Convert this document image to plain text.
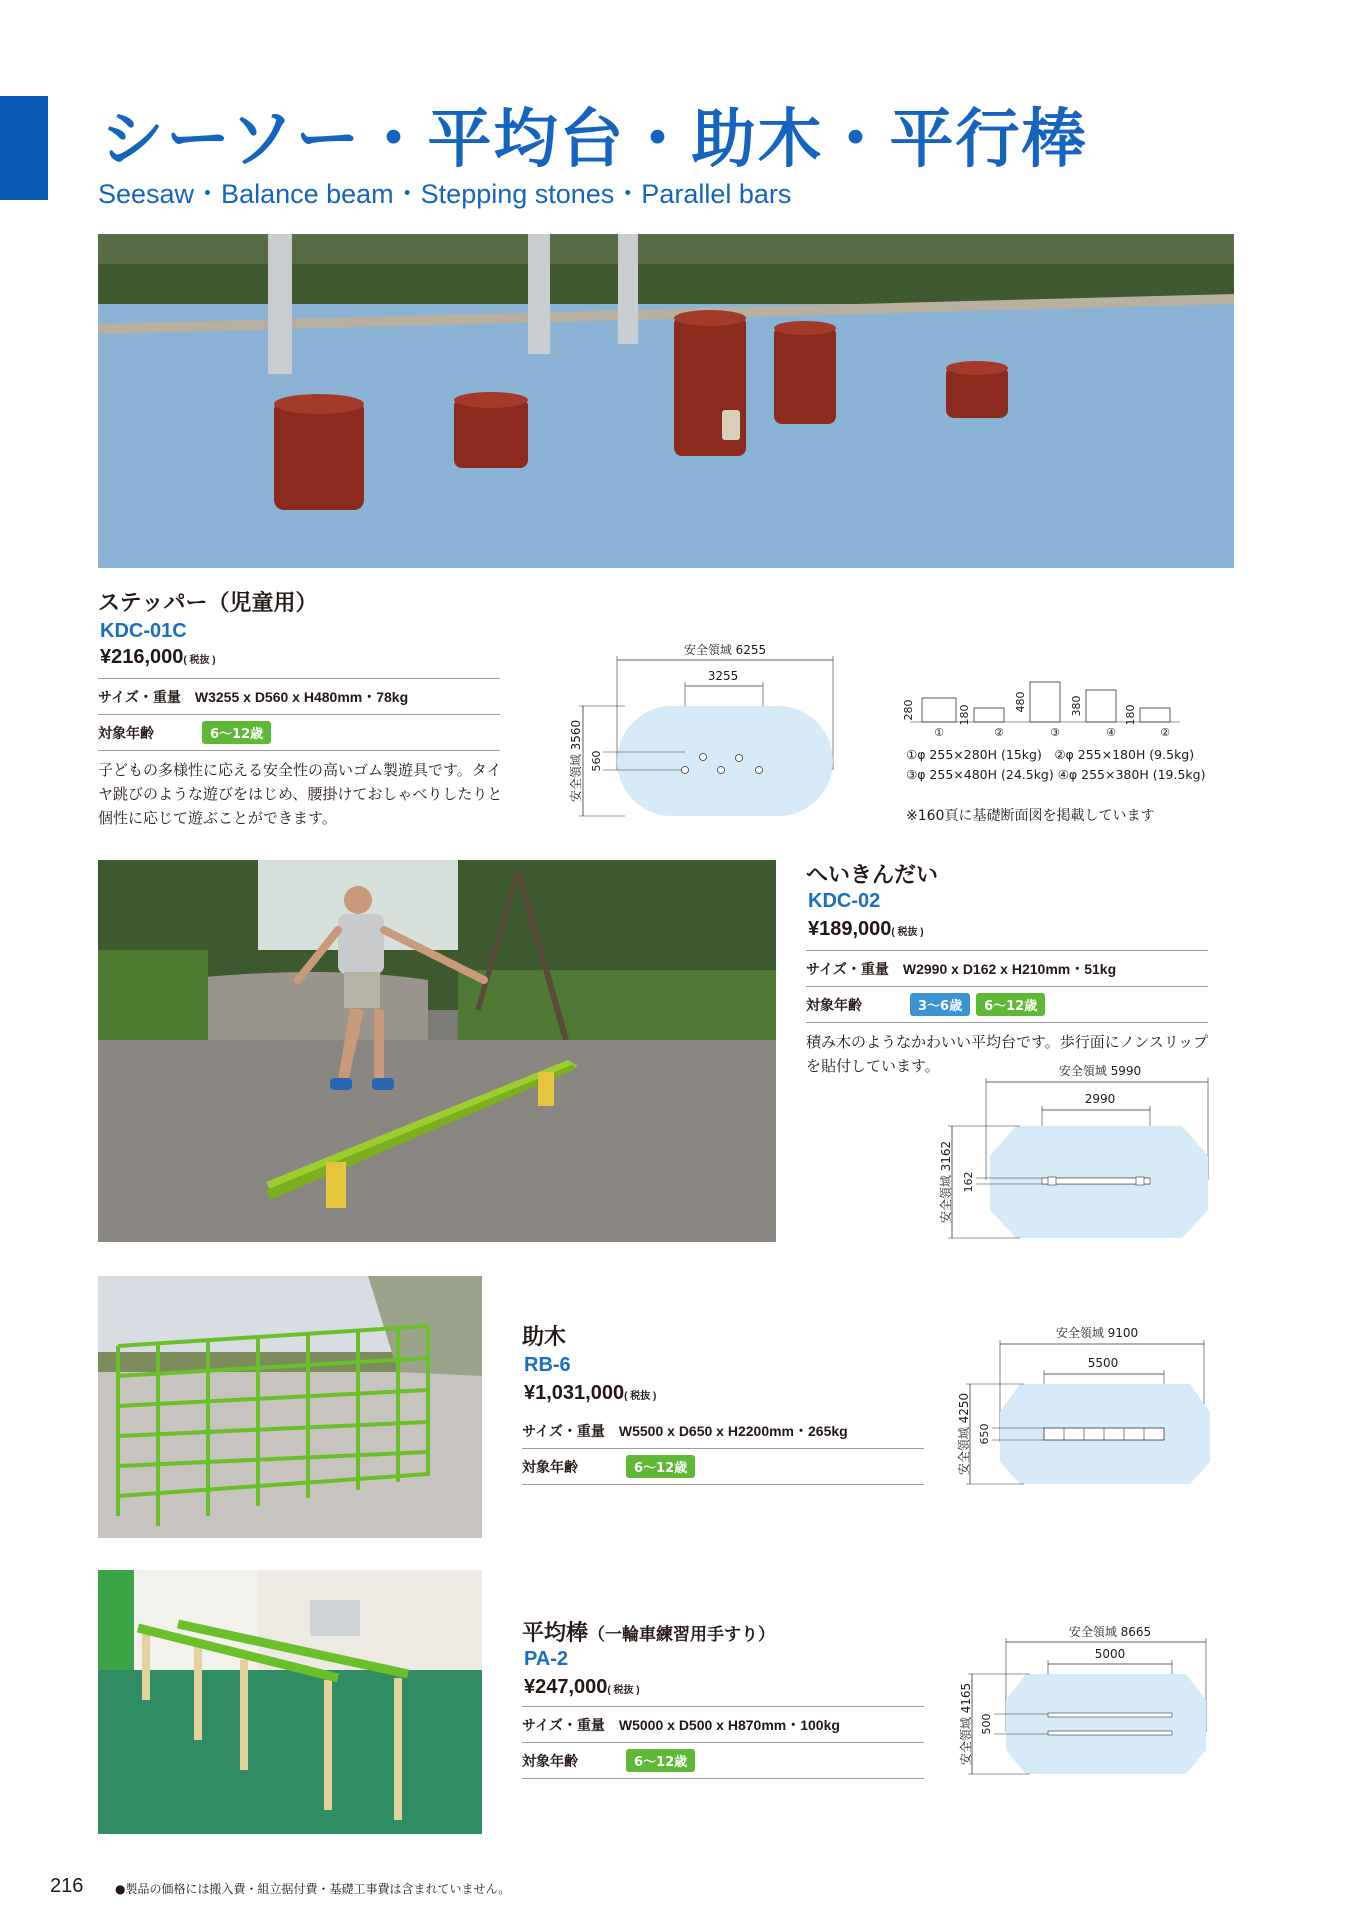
シーソー・平均台・助木・平行棒
Seesaw・Balance beam・Stepping stones・Parallel bars
ステッパー（児童用）
KDC-01C
¥216,000( 税抜 )
サイズ・重量 W3255 x D560 x H480mm・78kg
対象年齢	6～12歳
子どもの多様性に応える安全性の高いゴム製遊具です。タイヤ跳びのような遊びをはじめ、腰掛けておしゃべりしたりと個性に応じて遊ぶことができます。
安全領域 6255
3255
安全領域 3560 560
280	180
480	380	180
①	②	③	④	②
①φ 255×280H (15kg)　②φ 255×180H (9.5kg)
③φ 255×480H (24.5kg) ④φ 255×380H (19.5kg)
※160頁に基礎断面図を掲載しています
へいきんだい
KDC-02
¥189,000( 税抜 )
サイズ・重量 W2990 x D162 x H210mm・51kg
対象年齢	3～6歳	6～12歳
積み木のようなかわいい平均台です。歩行面にノンスリップを貼付しています。	安全領域 5990
2990
安全領域 3162 162
助木
RB-6
¥1,031,000( 税抜 )
サイズ・重量 W5500 x D650 x H2200mm・265kg
対象年齢	6～12歳
安全領域 9100
5500
安全領域 4250 650
平均棒（一輪車練習用手すり）
PA-2
¥247,000( 税抜 )
サイズ・重量 W5000 x D500 x H870mm・100kg
対象年齢	6～12歳
安全領域 8665
5000
安全領域 4165 500
216	●製品の価格には搬入費・組立据付費・基礎工事費は含まれていません。
